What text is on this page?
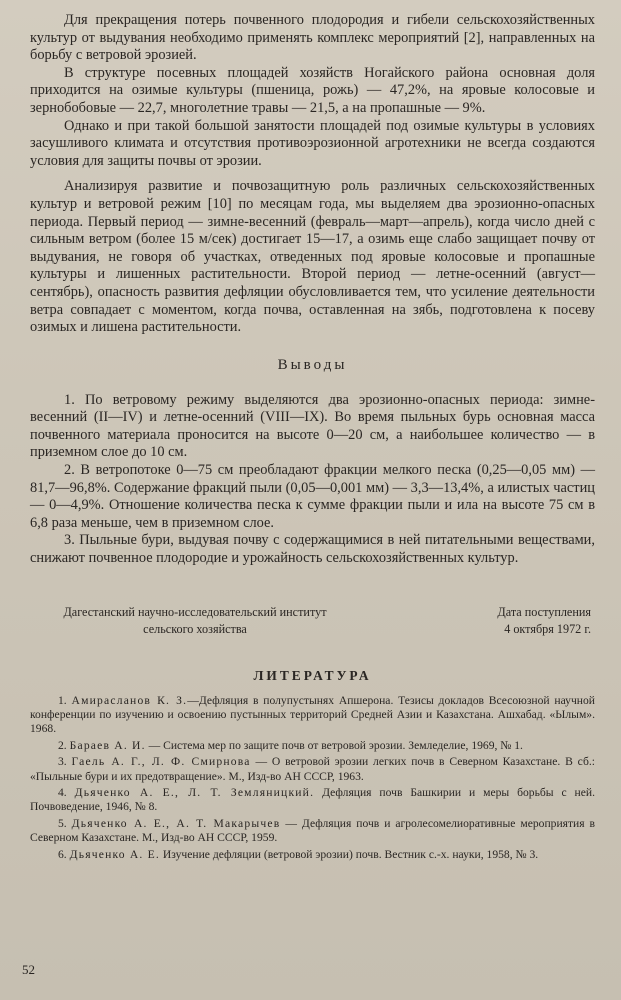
Для прекращения потерь почвенного плодородия и гибели сельскохозяйственных культур от выдувания необходимо применять комплекс мероприятий [2], направленных на борьбу с ветровой эрозией.

В структуре посевных площадей хозяйств Ногайского района основная доля приходится на озимые культуры (пшеница, рожь) — 47,2%, на яровые колосовые и зернобобовые — 22,7, многолетние травы — 21,5, а на пропашные — 9%.

Однако и при такой большой занятости площадей под озимые культуры в условиях засушливого климата и отсутствия противоэрозионной агротехники не всегда создаются условия для защиты почвы от эрозии.

Анализируя развитие и почвозащитную роль различных сельскохозяйственных культур и ветровой режим [10] по месяцам года, мы выделяем два эрозионно-опасных периода. Первый период — зимне-весенний (февраль—март—апрель), когда число дней с сильным ветром (более 15 м/сек) достигает 15—17, а озимь еще слабо защищает почву от выдувания, не говоря об участках, отведенных под яровые колосовые и пропашные культуры и лишенных растительности. Второй период — летне-осенний (август—сентябрь), опасность развития дефляции обусловливается тем, что усиление деятельности ветра совпадает с моментом, когда почва, оставленная на зябь, подготовлена к посеву озимых и лишена растительности.

Выводы

1. По ветровому режиму выделяются два эрозионно-опасных периода: зимне-весенний (II—IV) и летне-осенний (VIII—IX). Во время пыльных бурь основная масса почвенного материала проносится на высоте 0—20 см, а наибольшее количество — в приземном слое до 10 см.

2. В ветропотоке 0—75 см преобладают фракции мелкого песка (0,25—0,05 мм) — 81,7—96,8%. Содержание фракций пыли (0,05—0,001 мм) — 3,3—13,4%, а илистых частиц — 0—4,9%. Отношение количества песка к сумме фракции пыли и ила на высоте 75 см в 6,8 раза меньше, чем в приземном слое.

3. Пыльные бури, выдувая почву с содержащимися в ней питательными веществами, снижают почвенное плодородие и урожайность сельскохозяйственных культур.

Дагестанский научно-исследовательский институт
сельского хозяйства
Дата поступления
4 октября 1972 г.
ЛИТЕРАТУРА

1. Амирасланов К. З.—Дефляция в полупустынях Апшерона. Тезисы докладов Всесоюзной научной конференции по изучению и освоению пустынных территорий Средней Азии и Казахстана. Ашхабад. «Ылым». 1968.

2. Бараев А. И. — Система мер по защите почв от ветровой эрозии. Земледелие, 1969, № 1.

3. Гаель А. Г., Л. Ф. Смирнова — О ветровой эрозии легких почв в Северном Казахстане. В сб.: «Пыльные бури и их предотвращение». М., Изд-во АН СССР, 1963.

4. Дьяченко А. Е., Л. Т. Земляницкий. Дефляция почв Башкирии и меры борьбы с ней. Почвоведение, 1946, № 8.

5. Дьяченко А. Е., А. Т. Макарычев — Дефляция почв и агролесомелиоративные мероприятия в Северном Казахстане. М., Изд-во АН СССР, 1959.

6. Дьяченко А. Е. Изучение дефляции (ветровой эрозии) почв. Вестник с.-х. науки, 1958, № 3.

52
